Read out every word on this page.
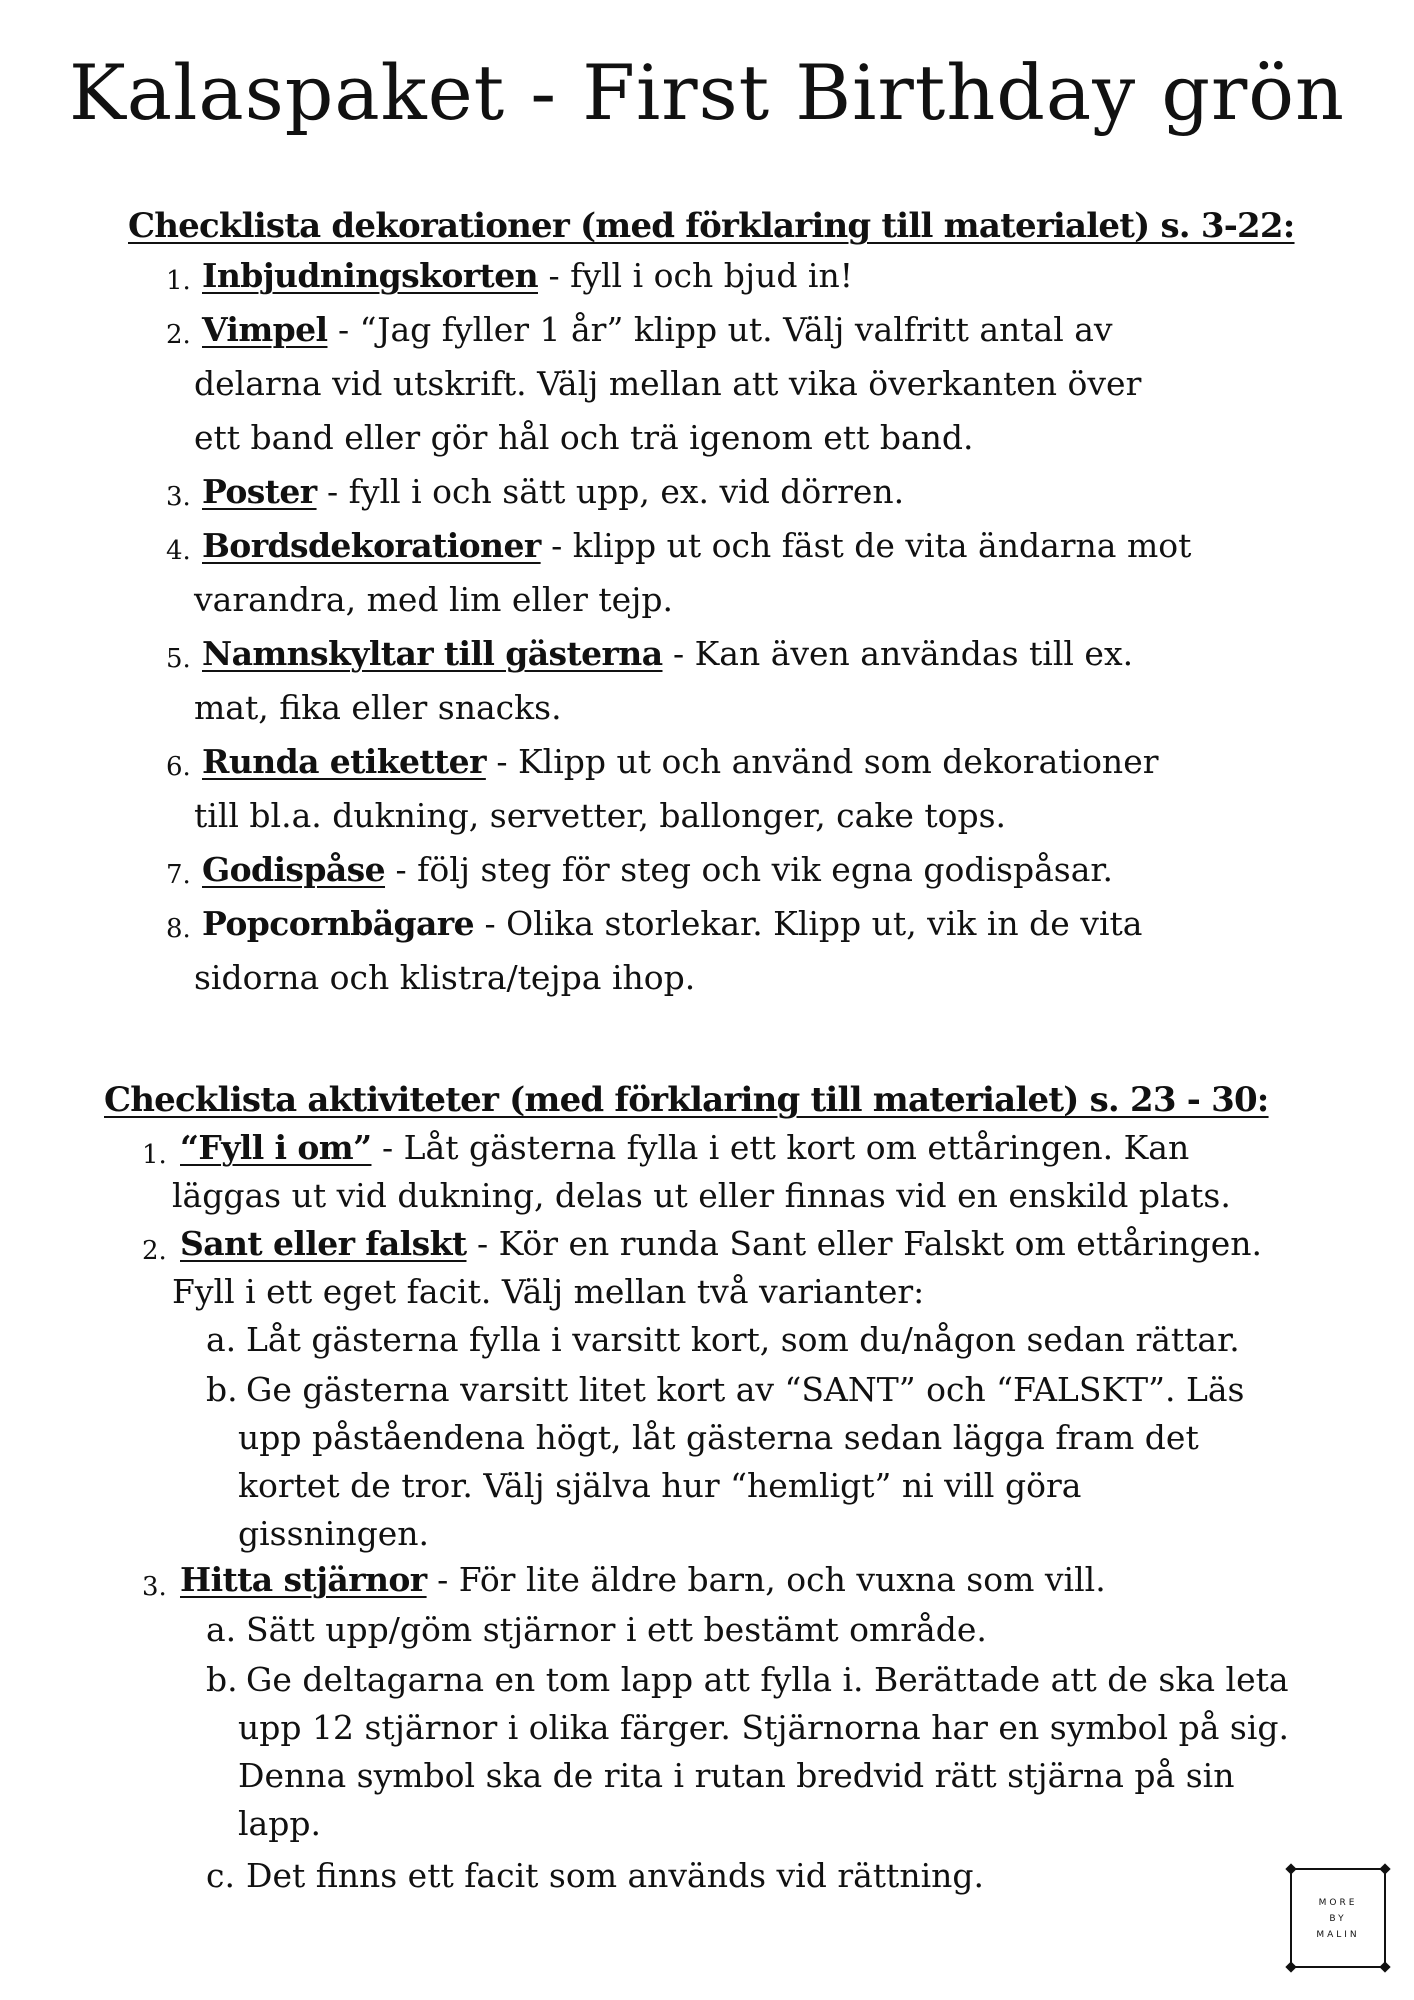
Kalaspaket - First Birthday grön
Checklista dekorationer (med förklaring till materialet) s. 3-22:
1. Inbjudningskorten - fyll i och bjud in!
2. Vimpel - “Jag fyller 1 år” klipp ut. Välj valfritt antal av
delarna vid utskrift. Välj mellan att vika överkanten över
ett band eller gör hål och trä igenom ett band.
3. Poster - fyll i och sätt upp, ex. vid dörren.
4. Bordsdekorationer - klipp ut och fäst de vita ändarna mot
varandra, med lim eller tejp.
5. Namnskyltar till gästerna - Kan även användas till ex.
mat, fika eller snacks.
6. Runda etiketter - Klipp ut och använd som dekorationer
till bl.a. dukning, servetter, ballonger, cake tops.
7. Godispåse - följ steg för steg och vik egna godispåsar.
8. Popcornbägare - Olika storlekar. Klipp ut, vik in de vita
sidorna och klistra/tejpa ihop.
Checklista aktiviteter (med förklaring till materialet) s. 23 - 30:
1. “Fyll i om” - Låt gästerna fylla i ett kort om ettåringen. Kan
läggas ut vid dukning, delas ut eller finnas vid en enskild plats.
2. Sant eller falskt - Kör en runda Sant eller Falskt om ettåringen.
Fyll i ett eget facit. Välj mellan två varianter:
a. Låt gästerna fylla i varsitt kort, som du/någon sedan rättar.
b. Ge gästerna varsitt litet kort av “SANT” och “FALSKT”. Läs
upp påståendena högt, låt gästerna sedan lägga fram det
kortet de tror. Välj själva hur “hemligt” ni vill göra
gissningen.
3. Hitta stjärnor - För lite äldre barn, och vuxna som vill.
a. Sätt upp/göm stjärnor i ett bestämt område.
b. Ge deltagarna en tom lapp att fylla i. Berättade att de ska leta
upp 12 stjärnor i olika färger. Stjärnorna har en symbol på sig.
Denna symbol ska de rita i rutan bredvid rätt stjärna på sin
lapp.
c. Det finns ett facit som används vid rättning.
MORE
BY
MALIN
